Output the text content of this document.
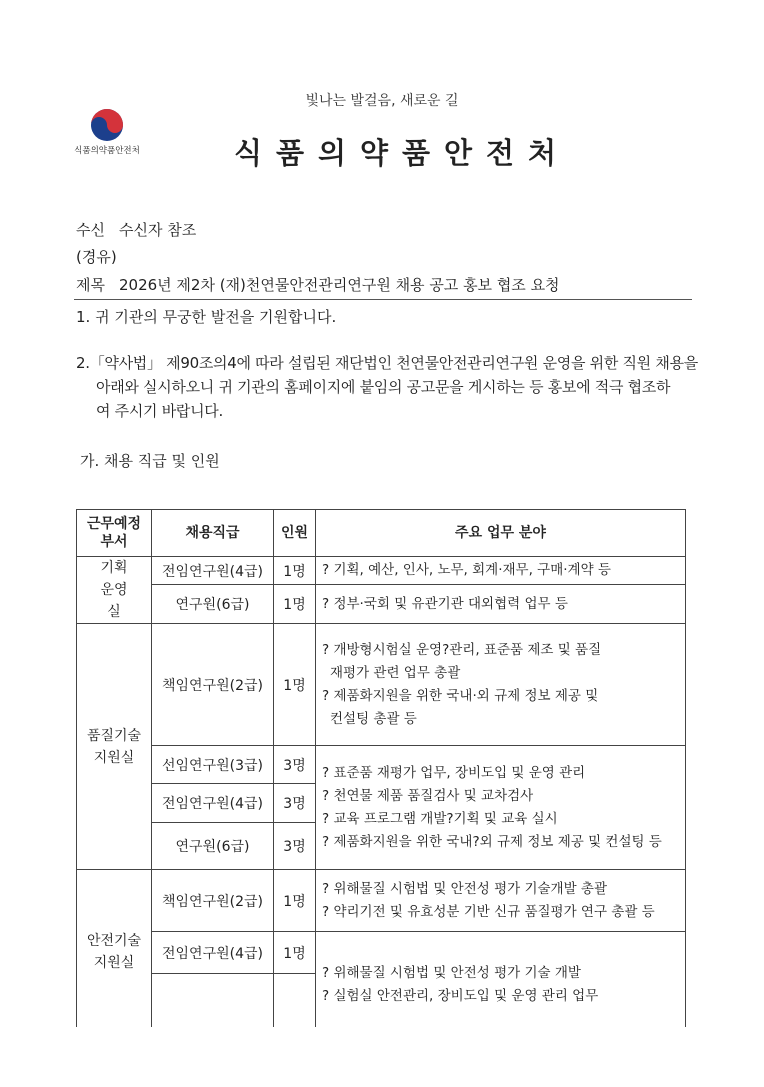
빛나는 발걸음, 새로운 길
식품의약품안전처	식품의약품안전처
수신 수신자 참조
(경유)
제목 2026년 제2차 (재)천연물안전관리연구원 채용 공고 홍보 협조 요청
1. 귀 기관의 무궁한 발전을 기원합니다.
2.「약사법」 제90조의4에 따라 설립된 재단법인 천연물안전관리연구원 운영을 위한 직원 채용을
아래와 실시하오니 귀 기관의 홈페이지에 붙임의 공고문을 게시하는 등 홍보에 적극 협조하
여 주시기 바랍니다.
가. 채용 직급 및 인원
근무예정 부서	채용직급	인원	주요 업무 분야

기획 운영실	전임연구원(4급)	1명	? 기획, 예산, 인사, 노무, 회계·재무, 구매·계약 등
	연구원(6급)	1명	? 정부·국회 및 유관기관 대외협력 업무 등

품질기술 지원실	책임연구원(2급)	1명	? 개방형시험실 운영?관리, 표준품 제조 및 품질
재평가 관련 업무 총괄
? 제품화지원을 위한 국내·외 규제 정보 제공 및
컨설팅 총괄 등

	선임연구원(3급)	3명	? 표준품 재평가 업무, 장비도입 및 운영 관리
? 천연물 제품 품질검사 및 교차검사
? 교육 프로그램 개발?기획 및 교육 실시
? 제품화지원을 위한 국내?외 규제 정보 제공 및 컨설팅 등

	전임연구원(4급)	3명	
	연구원(6급)	3명	

안전기술 지원실	책임연구원(2급)	1명	? 위해물질 시험법 및 안전성 평가 기술개발 총괄
? 약리기전 및 유효성분 기반 신규 품질평가 연구 총괄 등

	전임연구원(4급)	1명	? 위해물질 시험법 및 안전성 평가 기술 개발
? 실험실 안전관리, 장비도입 및 운영 관리 업무
